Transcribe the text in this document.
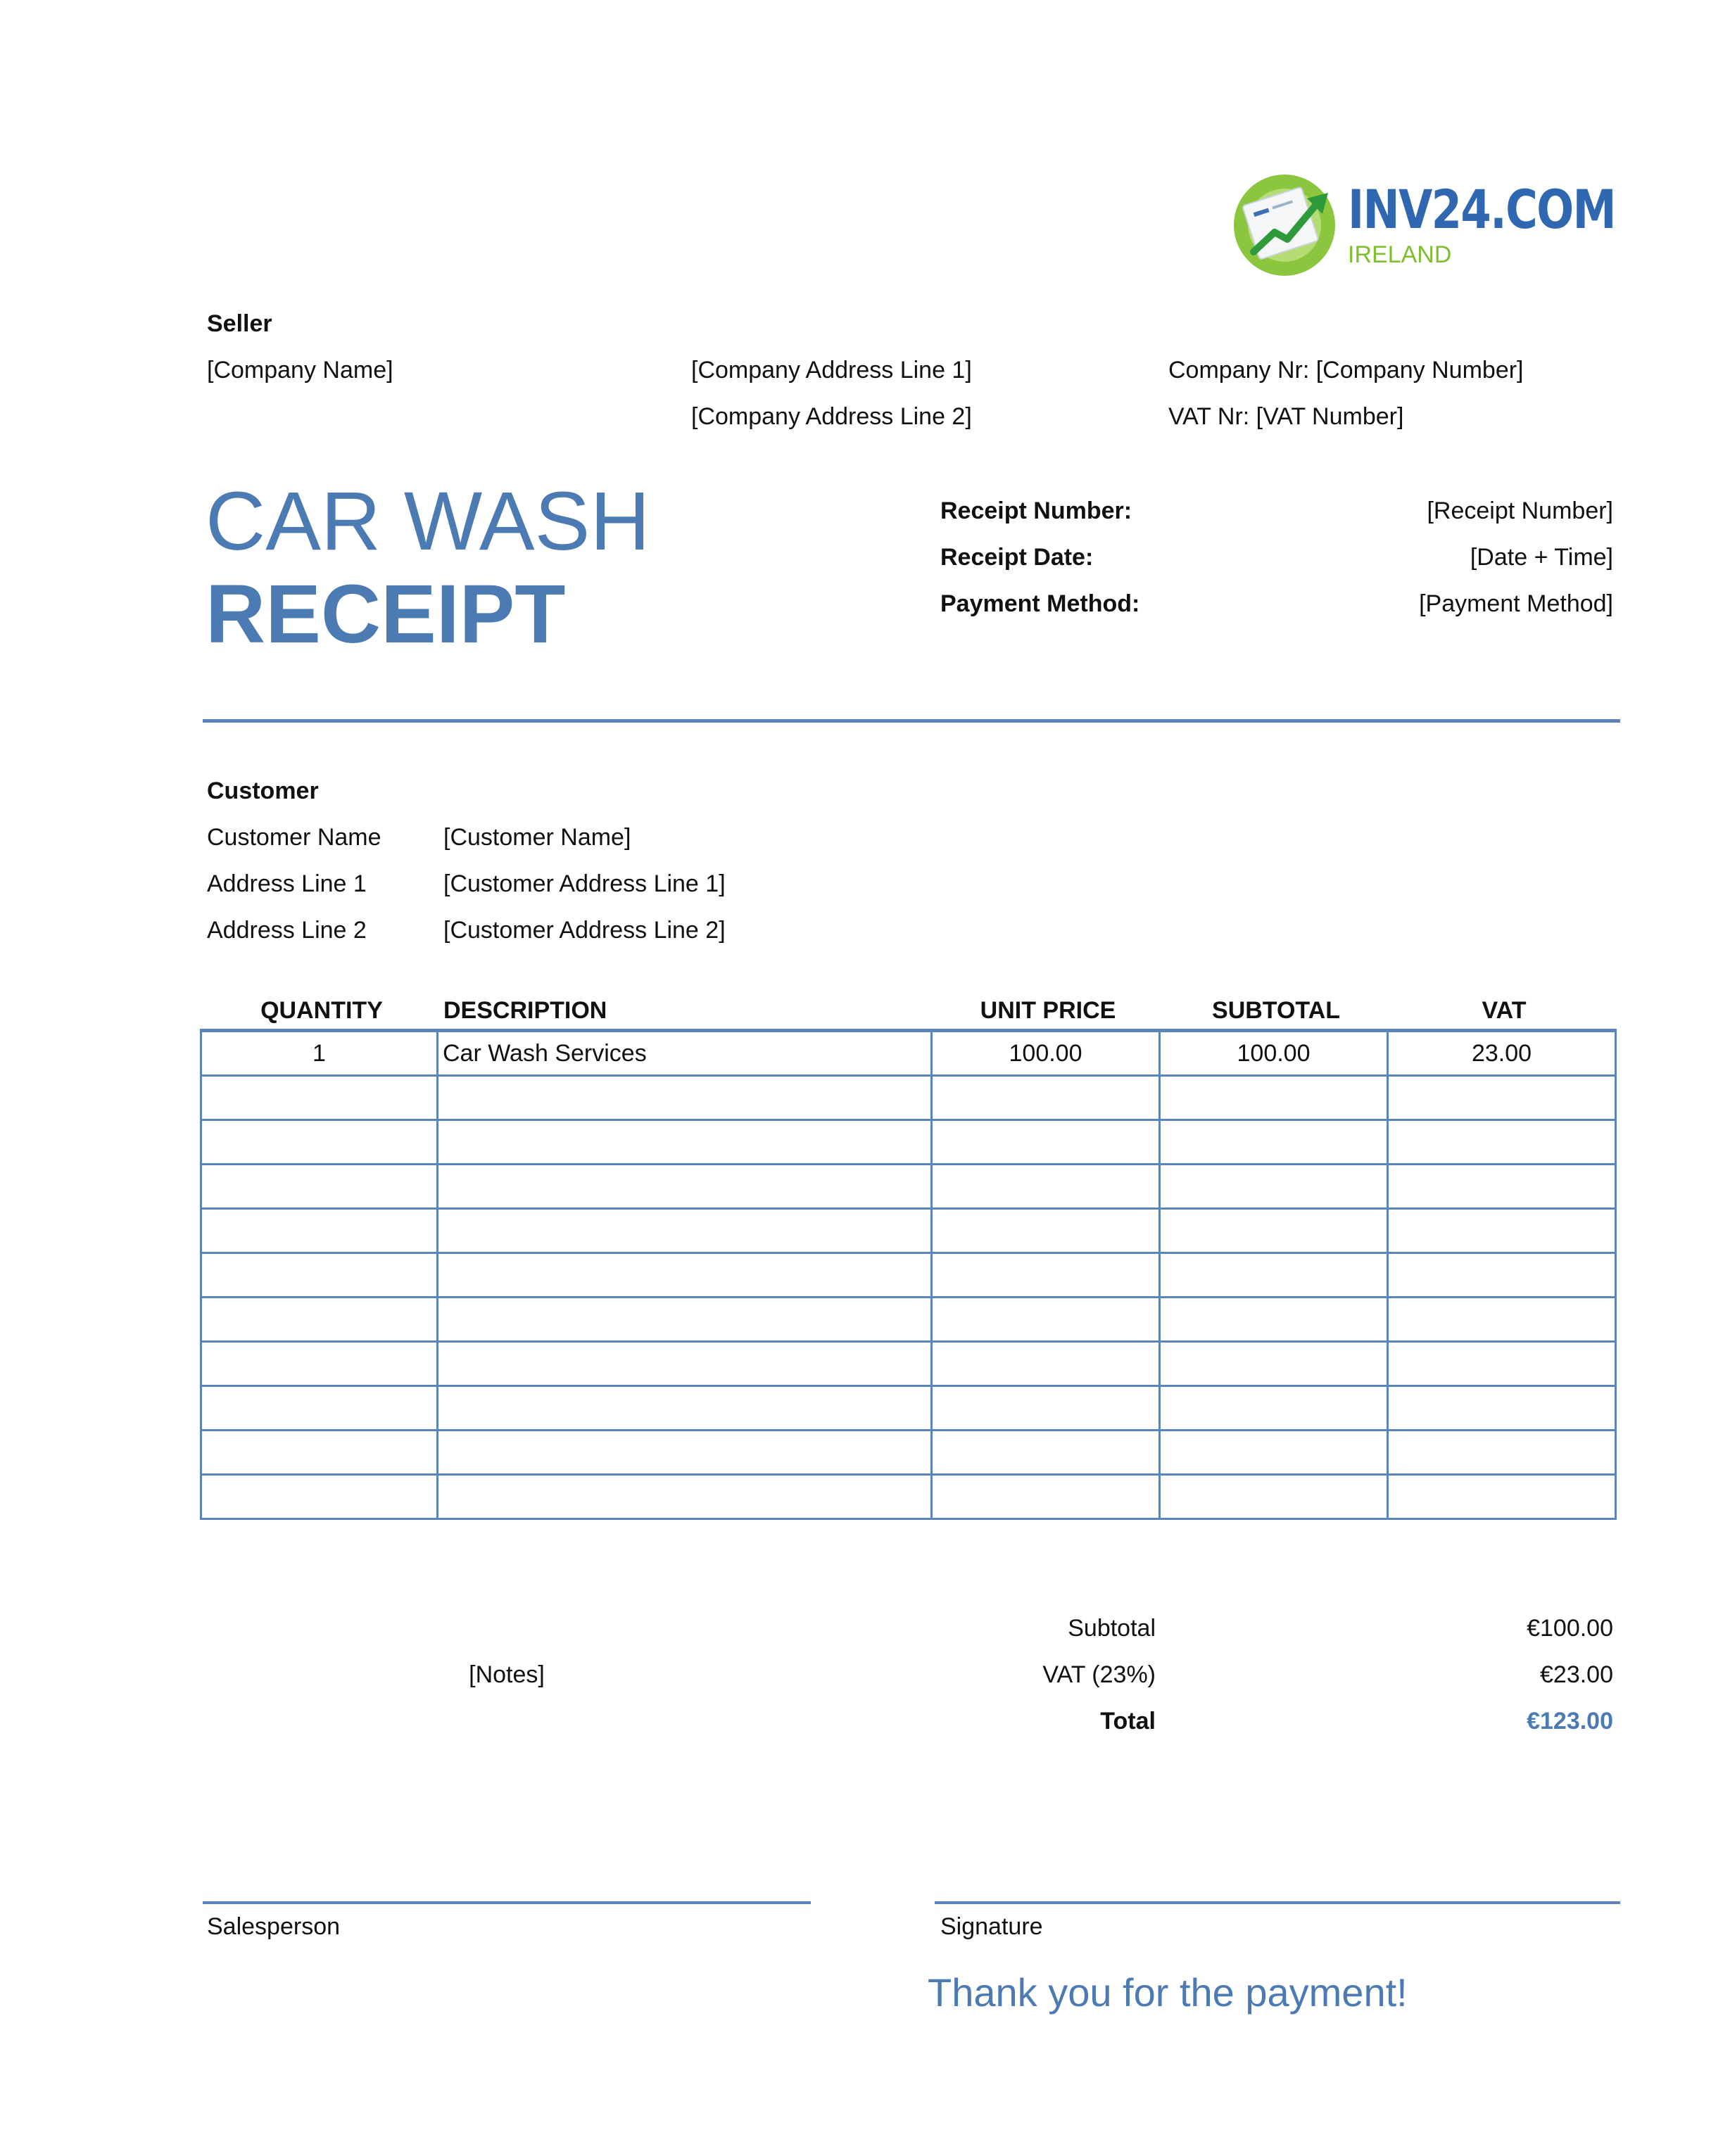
INV24.COM
IRELAND
Seller
[Company Name]	[Company Address Line 1]
[Company Address Line 2]
Company Nr: [Company Number]
VAT Nr: [VAT Number]
CAR WASH
RECEIPT
Receipt Number:	[Receipt Number]
Receipt Date:	[Date + Time]
Payment Method:	[Payment Method]
Customer
Customer Name	[Customer Name]
Address Line 1	[Customer Address Line 1]
Address Line 2	[Customer Address Line 2]
QUANTITY	DESCRIPTION	UNIT PRICE	SUBTOTAL	VAT
1	Car Wash Services	100.00	100.00	23.00

[Notes]
Subtotal	€100.00
VAT (23%)	€23.00
Total	€123.00
Salesperson	Signature
Thank you for the payment!
